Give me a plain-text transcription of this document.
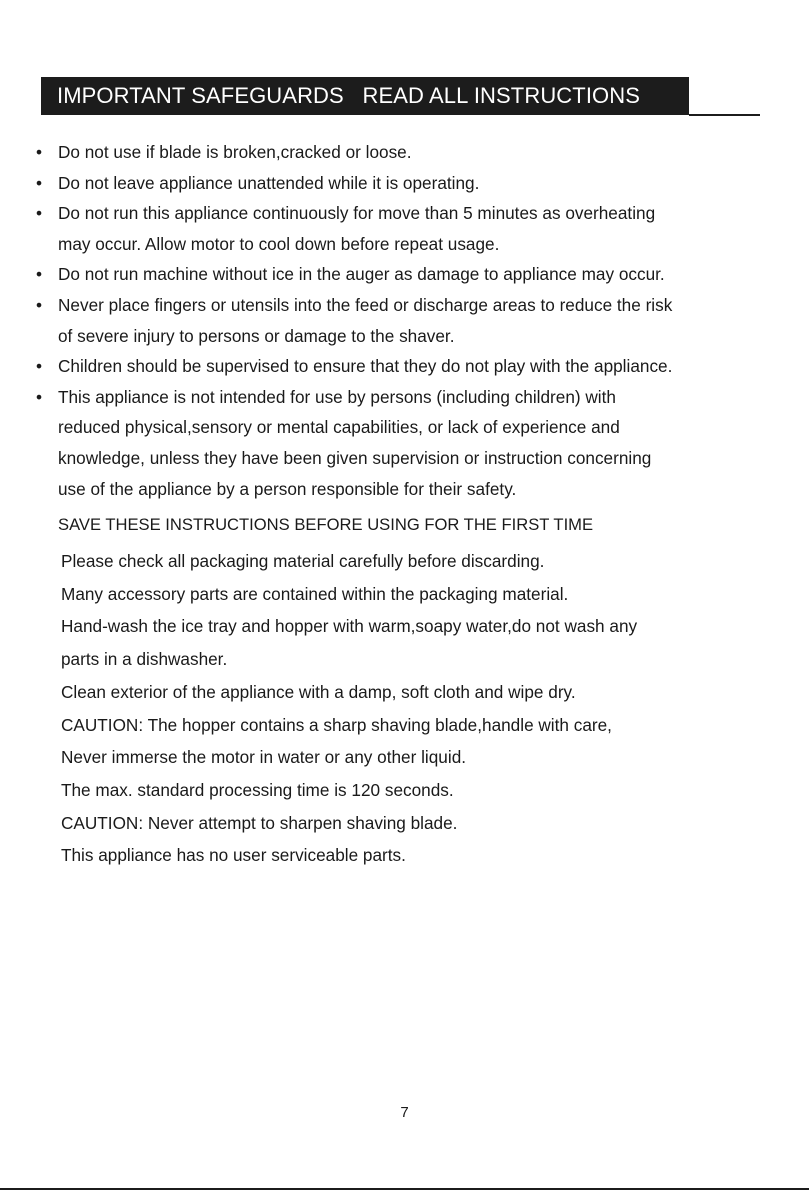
IMPORTANT SAFEGUARDS   READ ALL INSTRUCTIONS
• Do not use if blade is broken,cracked or loose.
• Do not leave appliance unattended while it is operating.
• Do not run this appliance continuously for move than 5 minutes as overheating
may occur. Allow motor to cool down before repeat usage.
• Do not run machine without ice in the auger as damage to appliance may occur.
• Never place fingers or utensils into the feed or discharge areas to reduce the risk
of severe injury to persons or damage to the shaver.
• Children should be supervised to ensure that they do not play with the appliance.
• This appliance is not intended for use by persons (including children) with
reduced physical,sensory or mental capabilities, or lack of experience and
knowledge, unless they have been given supervision or instruction concerning
use of the appliance by a person responsible for their safety.
SAVE THESE INSTRUCTIONS BEFORE USING FOR THE FIRST TIME
Please check all packaging material carefully before discarding.
Many accessory parts are contained within the packaging material.
Hand-wash the ice tray and hopper with warm,soapy water,do not wash any
parts in a dishwasher.
Clean exterior of the appliance with a damp, soft cloth and wipe dry.
CAUTION: The hopper contains a sharp shaving blade,handle with care,
Never immerse the motor in water or any other liquid.
The max. standard processing time is 120 seconds.
CAUTION: Never attempt to sharpen shaving blade.
This appliance has no user serviceable parts.
7
